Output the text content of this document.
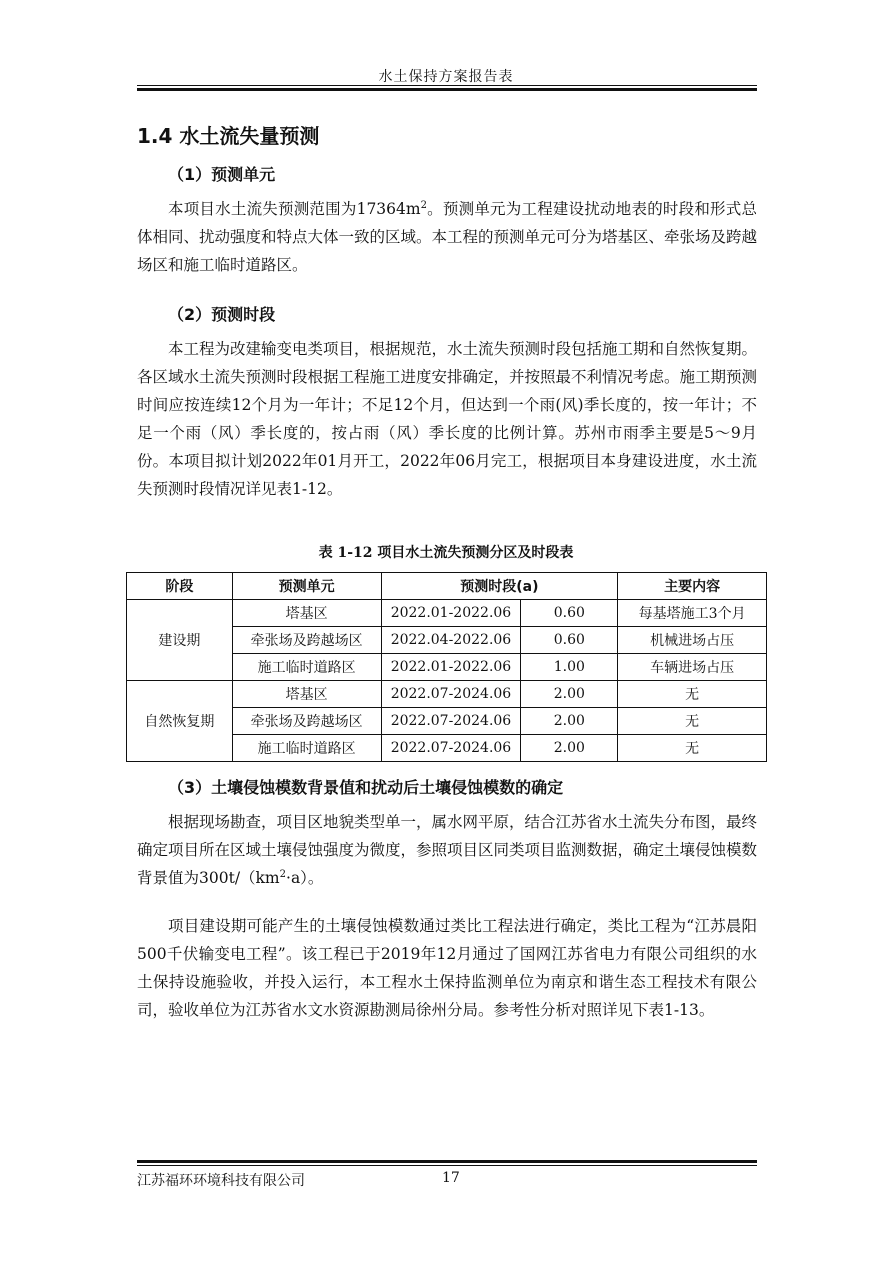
水土保持方案报告表
1.4 水土流失量预测
（1）预测单元

本项目水土流失预测范围为$17364m^2$。预测单元为工程建设扰动地表的时段和形式总体相同、扰动强度和特点大体一致的区域。本工程的预测单元可分为塔基区、牵张场及跨越场区和施工临时道路区。

（2）预测时段

本工程为改建输变电类项目，根据规范，水土流失预测时段包括施工期和自然恢复期。各区域水土流失预测时段根据工程施工进度安排确定，并按照最不利情况考虑。施工期预测时间应按连续12个月为一年计；不足12个月，但达到一个雨(风)季长度的，按一年计；不足一个雨（风）季长度的，按占雨（风）季长度的比例计算。苏州市雨季主要是5～9月份。本项目拟计划2022年01月开工，2022年06月完工，根据项目本身建设进度，水土流失预测时段情况详见表1-12。

表 1-12 项目水土流失预测分区及时段表
阶段	预测单元	预测时段(a)		主要内容
建设期	塔基区	2022.01-2022.06	0.60	每基塔施工3个月
	牵张场及跨越场区	2022.04-2022.06	0.60	机械进场占压
	施工临时道路区	2022.01-2022.06	1.00	车辆进场占压
自然恢复期	塔基区	2022.07-2024.06	2.00	无
	牵张场及跨越场区	2022.07-2024.06	2.00	无
	施工临时道路区	2022.07-2024.06	2.00	无
（3）土壤侵蚀模数背景值和扰动后土壤侵蚀模数的确定

根据现场勘查，项目区地貌类型单一，属水网平原，结合江苏省水土流失分布图，最终确定项目所在区域土壤侵蚀强度为微度，参照项目区同类项目监测数据，确定土壤侵蚀模数背景值为$300t/(km^2\cdot a)$。

项目建设期可能产生的土壤侵蚀模数通过类比工程法进行确定，类比工程为“江苏晨阳500千伏输变电工程”。该工程已于2019年12月通过了国网江苏省电力有限公司组织的水土保持设施验收，并投入运行，本工程水土保持监测单位为南京和谐生态工程技术有限公司，验收单位为江苏省水文水资源勘测局徐州分局。参考性分析对照详见下表1-13。

江苏福环环境科技有限公司	17
